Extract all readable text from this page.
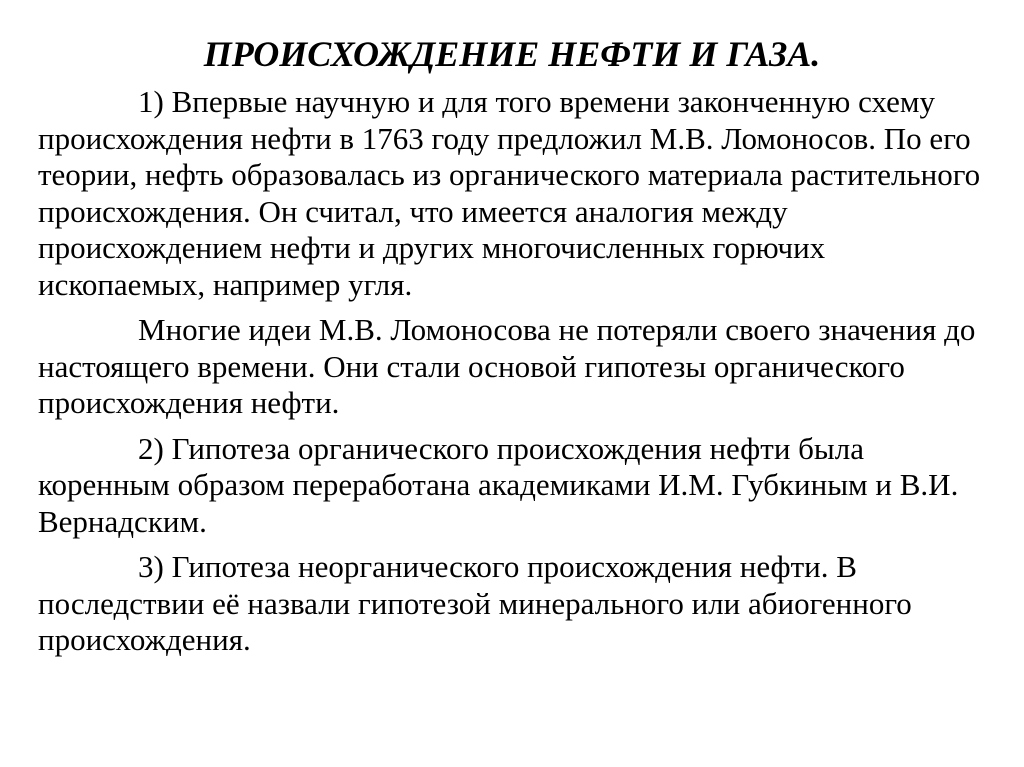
ПРОИСХОЖДЕНИЕ НЕФТИ И ГАЗА.

1) Впервые научную и для того времени законченную схему происхождения нефти в 1763 году предложил М.В. Ломоносов. По его теории, нефть образовалась из органического материала растительного происхождения. Он считал, что имеется аналогия между происхождением нефти и других многочисленных горючих ископаемых, например угля.

Многие идеи М.В. Ломоносова не потеряли своего значения до настоящего времени. Они стали основой гипотезы органического происхождения нефти.

2) Гипотеза органического происхождения нефти была коренным образом переработана академиками И.М. Губкиным и В.И. Вернадским.

3) Гипотеза неорганического происхождения нефти. В последствии её назвали гипотезой минерального или абиогенного происхождения.
